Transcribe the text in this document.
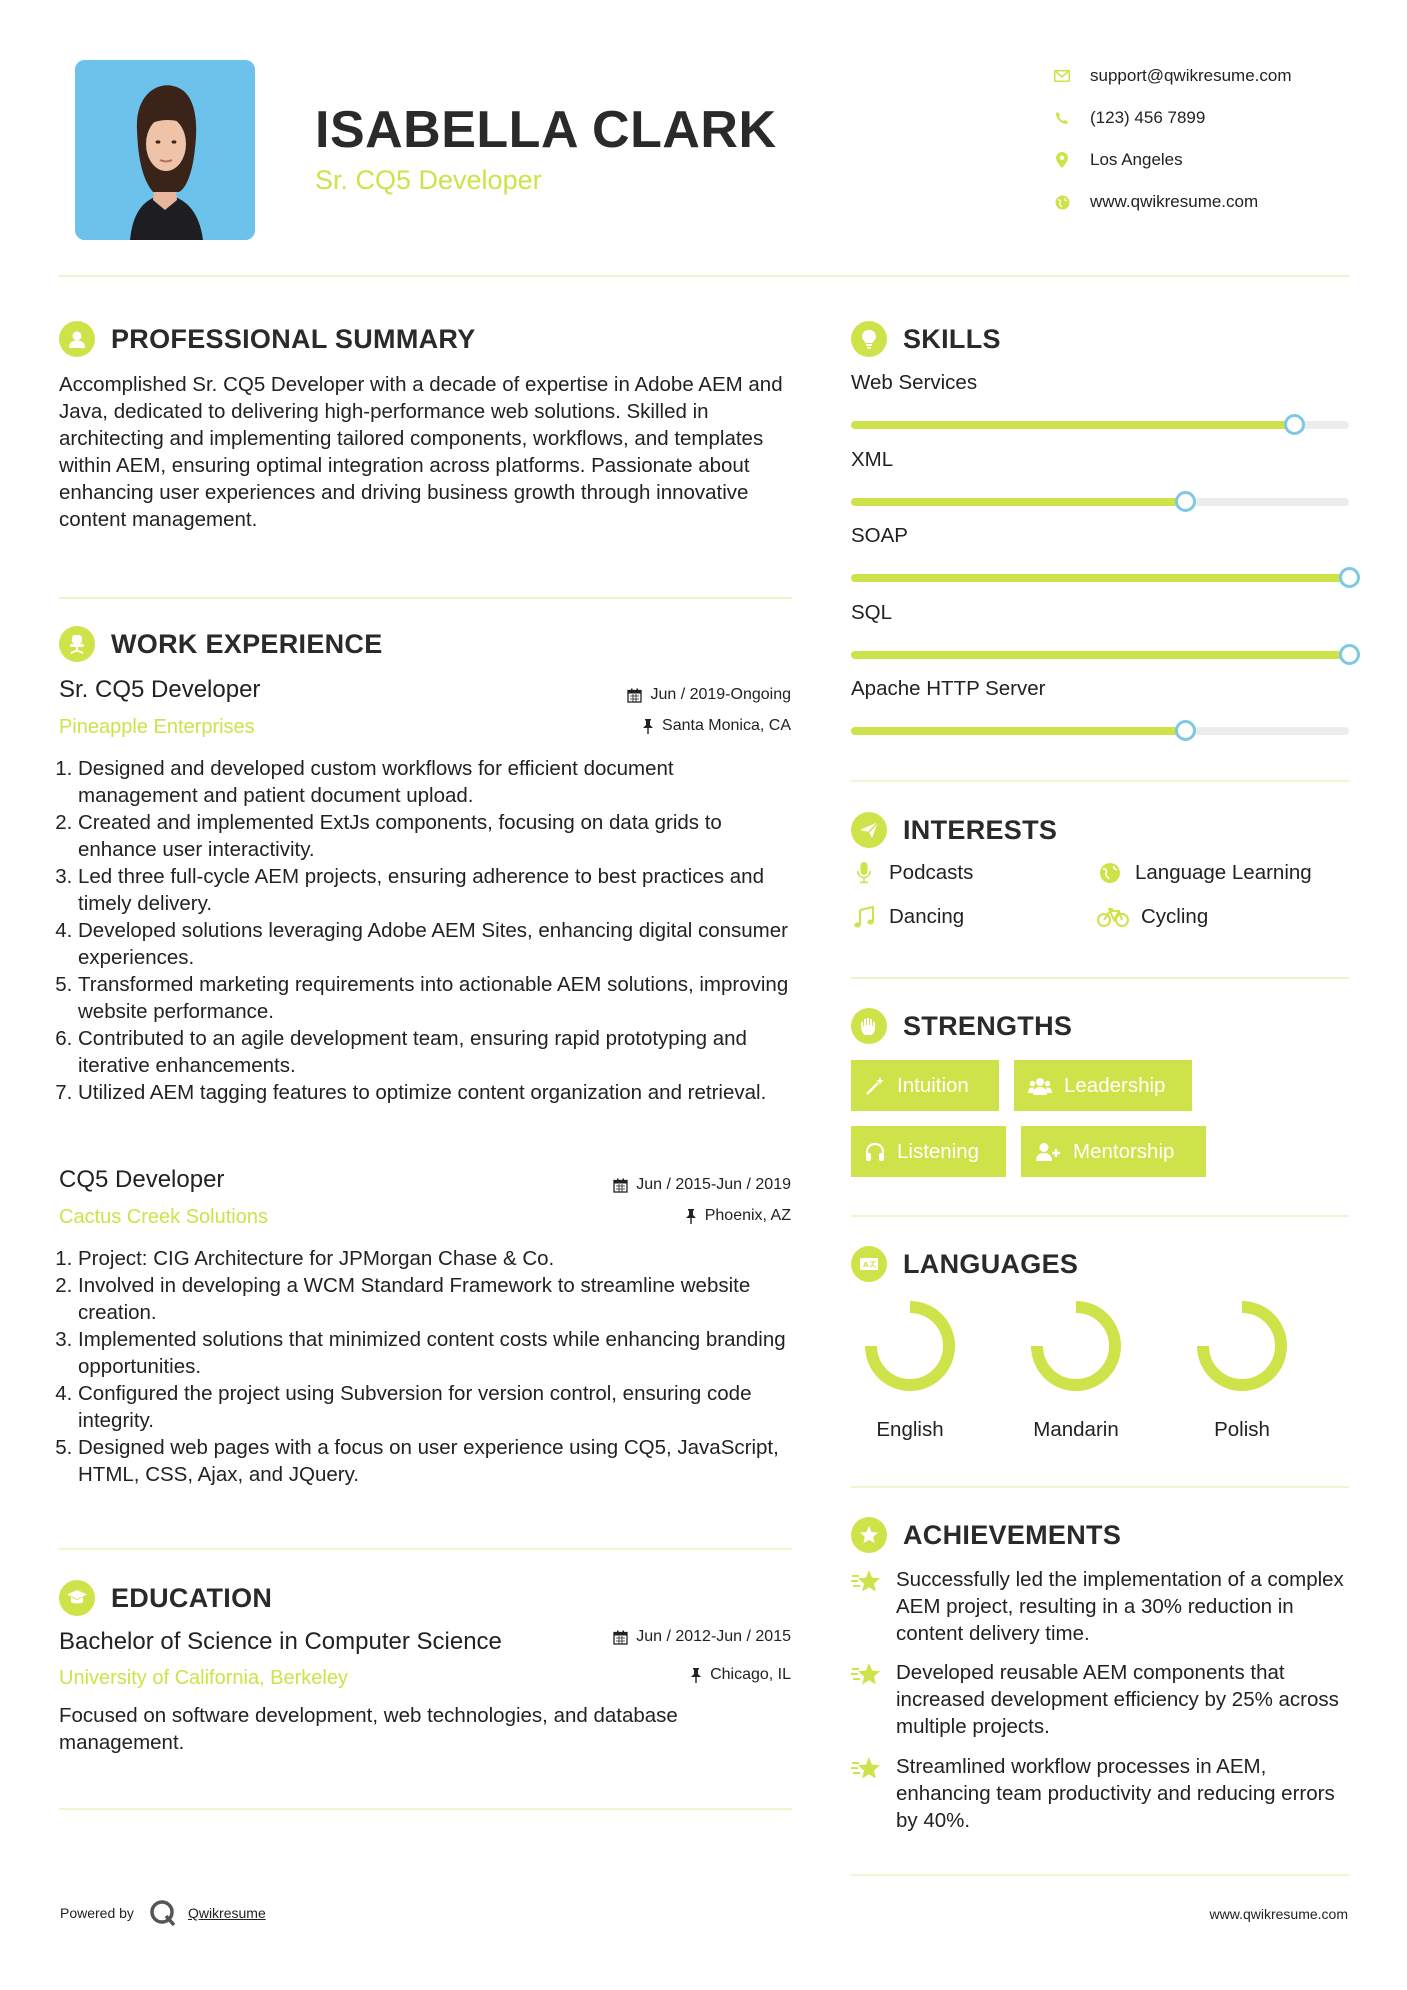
ISABELLA CLARK
Sr. CQ5 Developer
support@qwikresume.com
(123) 456 7899
Los Angeles
www.qwikresume.com
PROFESSIONAL SUMMARY
Accomplished Sr. CQ5 Developer with a decade of expertise in Adobe AEM and Java, dedicated to delivering high-performance web solutions. Skilled in architecting and implementing tailored components, workflows, and templates within AEM, ensuring optimal integration across platforms. Passionate about enhancing user experiences and driving business growth through innovative content management.
WORK EXPERIENCE
Sr. CQ5 Developer
Pineapple Enterprises
Jun / 2019-Ongoing
Santa Monica, CA
1. Designed and developed custom workflows for efficient document management and patient document upload.
2. Created and implemented ExtJs components, focusing on data grids to enhance user interactivity.
3. Led three full-cycle AEM projects, ensuring adherence to best practices and timely delivery.
4. Developed solutions leveraging Adobe AEM Sites, enhancing digital consumer experiences.
5. Transformed marketing requirements into actionable AEM solutions, improving website performance.
6. Contributed to an agile development team, ensuring rapid prototyping and iterative enhancements.
7. Utilized AEM tagging features to optimize content organization and retrieval.
CQ5 Developer
Cactus Creek Solutions
Jun / 2015-Jun / 2019
Phoenix, AZ
1. Project: CIG Architecture for JPMorgan Chase & Co.
2. Involved in developing a WCM Standard Framework to streamline website creation.
3. Implemented solutions that minimized content costs while enhancing branding opportunities.
4. Configured the project using Subversion for version control, ensuring code integrity.
5. Designed web pages with a focus on user experience using CQ5, JavaScript, HTML, CSS, Ajax, and JQuery.
EDUCATION
Bachelor of Science in Computer Science
University of California, Berkeley
Jun / 2012-Jun / 2015
Chicago, IL
Focused on software development, web technologies, and database management.
SKILLS
Web Services
XML
SOAP
SQL
Apache HTTP Server
INTERESTS
Podcasts	Language Learning
Dancing	Cycling
STRENGTHS
Intuition	Leadership
Listening	Mentorship
A LANGUAGES
English	Mandarin	Polish
ACHIEVEMENTS
Successfully led the implementation of a complex AEM project, resulting in a 30% reduction in content delivery time.
Developed reusable AEM components that increased development efficiency by 25% across multiple projects.
Streamlined workflow processes in AEM, enhancing team productivity and reducing errors by 40%.
Powered by	Qwikresume	www.qwikresume.com
